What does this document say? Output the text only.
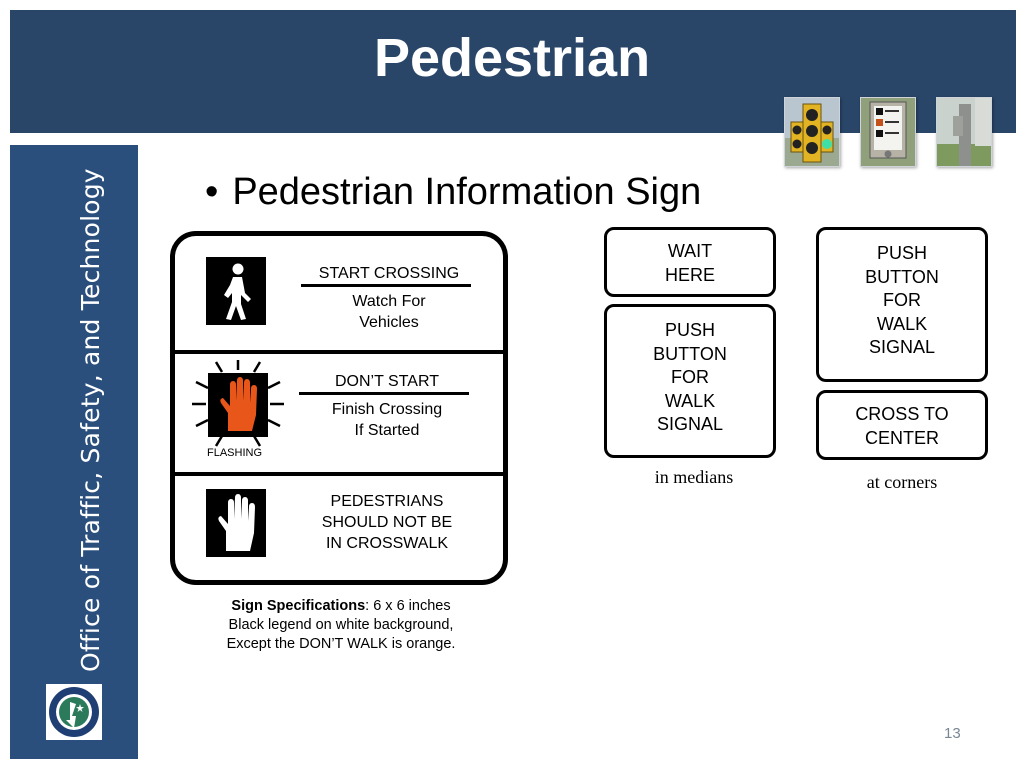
Pedestrian
Office of Traffic, Safety, and Technology	• Pedestrian Information Sign
START CROSSING
Watch For
Vehicles
FLASHING
DON’T START
Finish Crossing
If Started
PEDESTRIANS
SHOULD NOT BE
IN CROSSWALK
Sign Specifications: 6 x 6 inches
Black legend on white background,
Except the DON’T WALK is orange.
WAIT
HERE
PUSH
BUTTON
FOR
WALK
SIGNAL
in medians
PUSH
BUTTON
FOR
WALK
SIGNAL
CROSS TO
CENTER
at corners
13
